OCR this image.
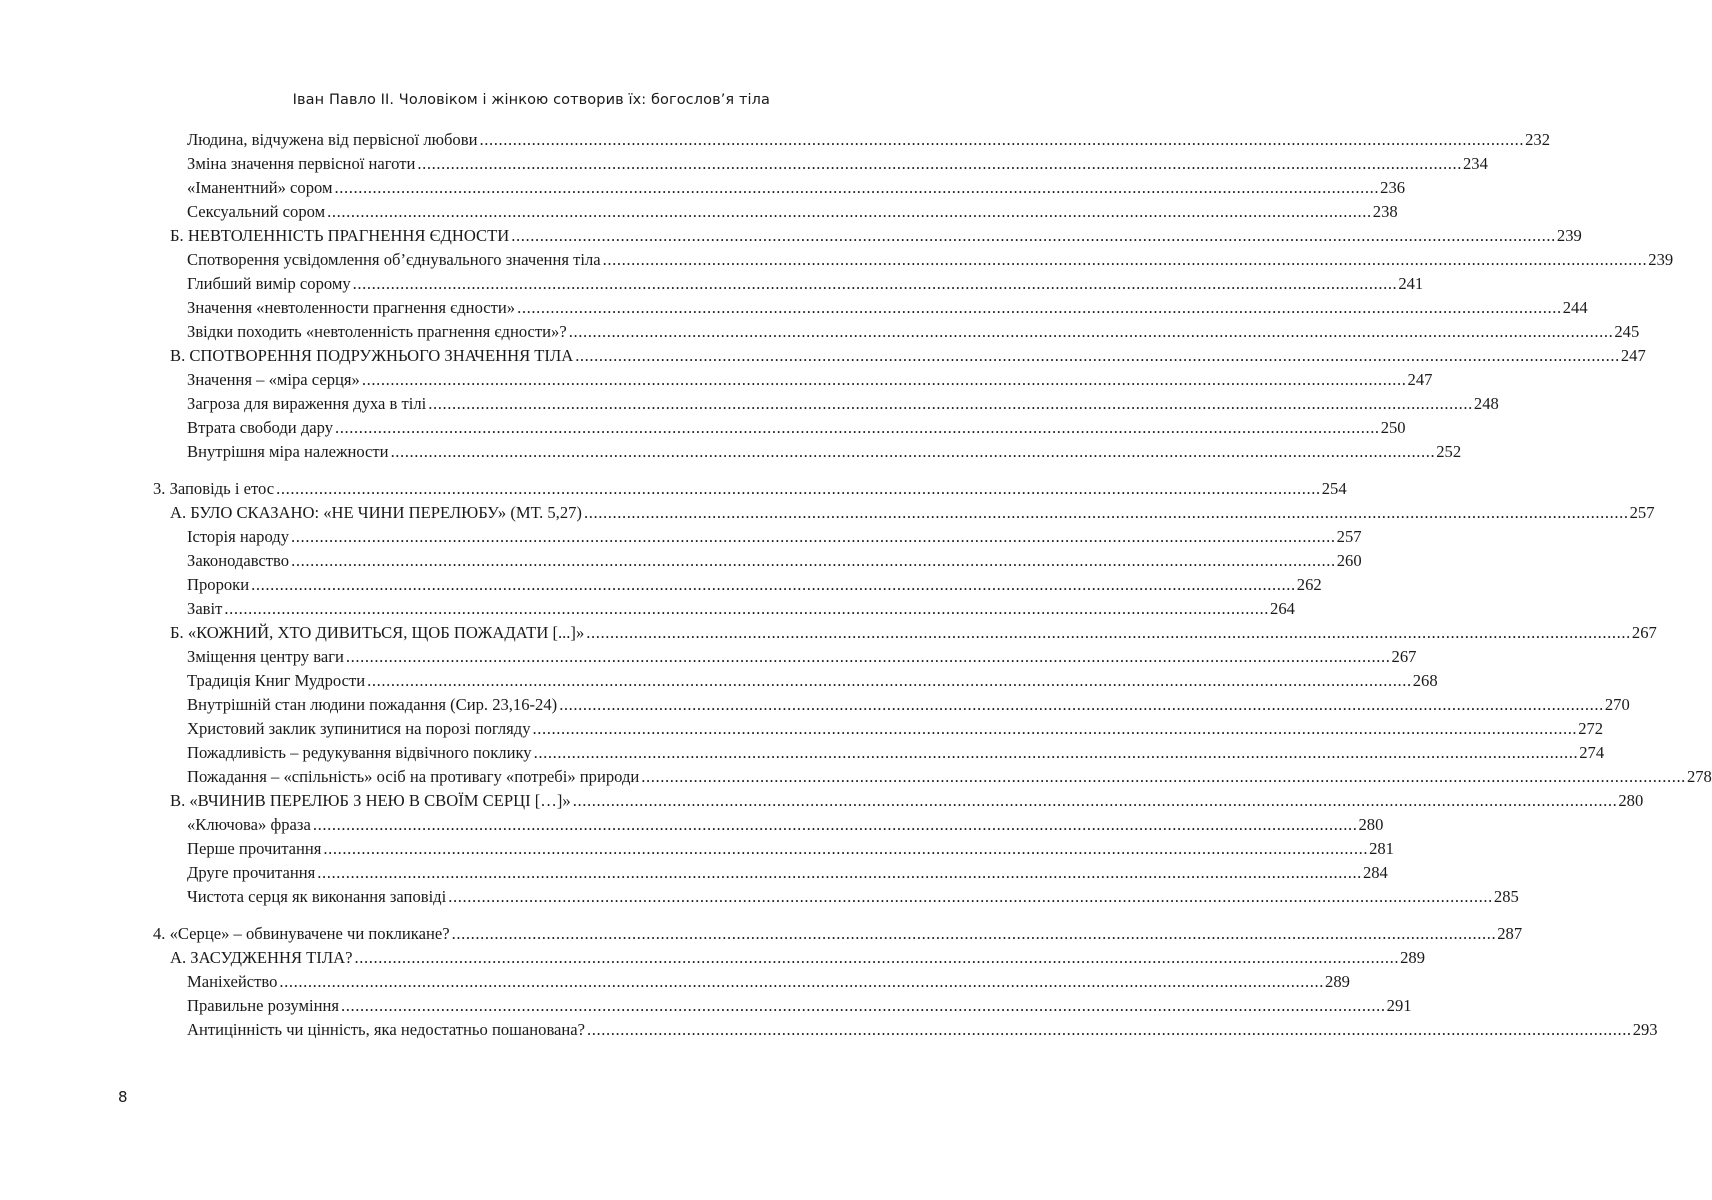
Іван Павло ІІ. Чоловіком і жінкою сотворив їх: богослов’я тіла
Людина, відчужена від первісної любови ............................................................................................................................................................................................................................ 232
Зміна значення первісної наготи ............................................................................................................................................................................................................................ 234
«Іманентний» сором ............................................................................................................................................................................................................................ 236
Сексуальний сором ............................................................................................................................................................................................................................ 238
Б. НЕВТОЛЕННІСТЬ ПРАГНЕННЯ ЄДНОСТИ ............................................................................................................................................................................................................................ 239
Спотворення усвідомлення об’єднувального значення тіла ............................................................................................................................................................................................................................ 239
Глибший вимір сорому ............................................................................................................................................................................................................................ 241
Значення «невтоленности прагнення єдности» ............................................................................................................................................................................................................................ 244
Звідки походить «невтоленність прагнення єдности»? ............................................................................................................................................................................................................................ 245
В. СПОТВОРЕННЯ ПОДРУЖНЬОГО ЗНАЧЕННЯ ТІЛА ............................................................................................................................................................................................................................ 247
Значення – «міра серця» ............................................................................................................................................................................................................................ 247
Загроза для вираження духа в тілі ............................................................................................................................................................................................................................ 248
Втрата свободи дару ............................................................................................................................................................................................................................ 250
Внутрішня міра належности ............................................................................................................................................................................................................................ 252
3. Заповідь і етос ............................................................................................................................................................................................................................ 254
А. БУЛО СКАЗАНО: «НЕ ЧИНИ ПЕРЕЛЮБУ» (МТ. 5,27) ............................................................................................................................................................................................................................ 257
Історія народу ............................................................................................................................................................................................................................ 257
Законодавство ............................................................................................................................................................................................................................ 260
Пророки ............................................................................................................................................................................................................................ 262
Завіт ............................................................................................................................................................................................................................ 264
Б. «КОЖНИЙ, ХТО ДИВИТЬСЯ, ЩОБ ПОЖАДАТИ [...]» ............................................................................................................................................................................................................................ 267
Зміщення центру ваги ............................................................................................................................................................................................................................ 267
Традиція Книг Мудрости ............................................................................................................................................................................................................................ 268
Внутрішній стан людини пожадання (Сир. 23,16-24) ............................................................................................................................................................................................................................ 270
Христовий заклик зупинитися на порозі погляду ............................................................................................................................................................................................................................ 272
Пожадливість – редукування відвічного поклику ............................................................................................................................................................................................................................ 274
Пожадання – «спільність» осіб на противагу «потребі» природи ............................................................................................................................................................................................................................ 278
В. «ВЧИНИВ ПЕРЕЛЮБ З НЕЮ В СВОЇМ СЕРЦІ […]» ............................................................................................................................................................................................................................ 280
«Ключова» фраза ............................................................................................................................................................................................................................ 280
Перше прочитання ............................................................................................................................................................................................................................ 281
Друге прочитання ............................................................................................................................................................................................................................ 284
Чистота серця як виконання заповіді ............................................................................................................................................................................................................................ 285
4. «Серце» – обвинувачене чи покликане? ............................................................................................................................................................................................................................ 287
А. ЗАСУДЖЕННЯ ТІЛА? ............................................................................................................................................................................................................................ 289
Маніхейство ............................................................................................................................................................................................................................ 289
Правильне розуміння ............................................................................................................................................................................................................................ 291
Антицінність чи цінність, яка недостатньо пошанована? ............................................................................................................................................................................................................................ 293
8
